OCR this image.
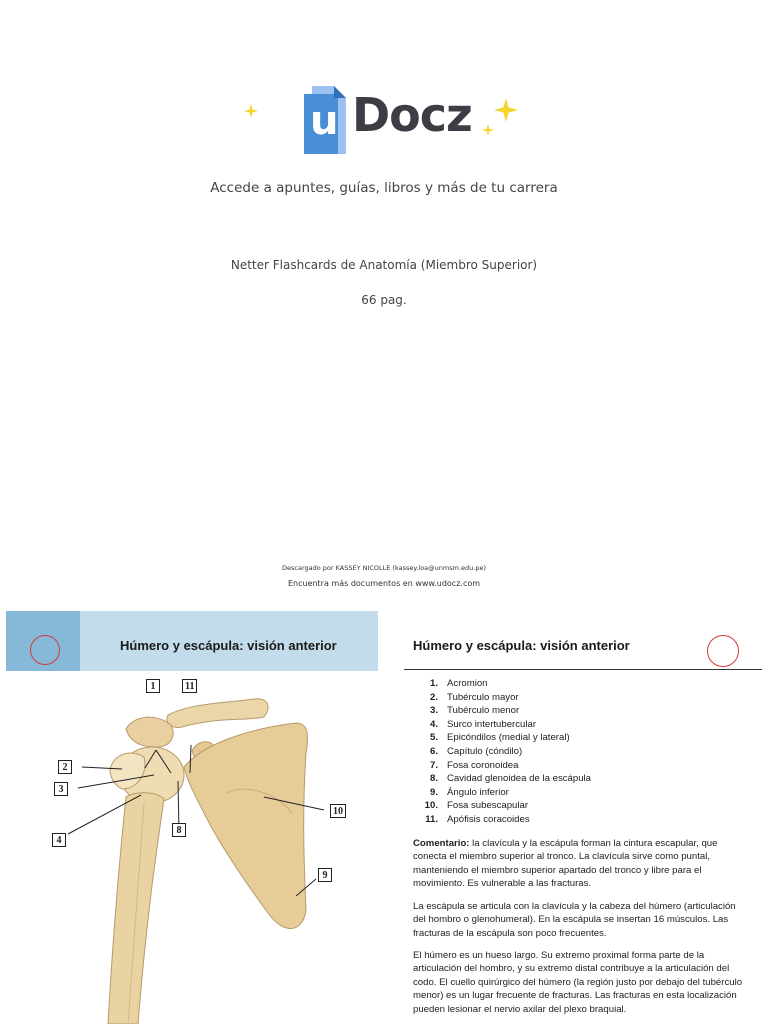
u Docz
Accede a apuntes, guías, libros y más de tu carrera
Netter Flashcards de Anatomía (Miembro Superior)
66 pag.
Descargado por KASSEY NICOLLE (kassey.loa@unmsm.edu.pe)
Encuentra más documentos en www.udocz.com
Húmero y escápula: visión anterior
1	11
2
3
4
8
10
9
Húmero y escápula: visión anterior
1. Acromion
2. Tubérculo mayor
3. Tubérculo menor
4. Surco intertubercular
5. Epicóndilos (medial y lateral)
6. Capítulo (cóndilo)
7. Fosa coronoidea
8. Cavidad glenoidea de la escápula
9. Ángulo inferior
10. Fosa subescapular
11. Apófisis coracoides

Comentario: la clavícula y la escápula forman la cintura escapular, que conecta el miembro superior al tronco. La clavícula sirve como puntal, manteniendo el miembro superior apartado del tronco y libre para el movimiento. Es vulnerable a las fracturas.

La escápula se articula con la clavícula y la cabeza del húmero (articulación del hombro o glenohumeral). En la escápula se insertan 16 músculos. Las fracturas de la escápula son poco frecuentes.

El húmero es un hueso largo. Su extremo proximal forma parte de la articulación del hombro, y su extremo distal contribuye a la articulación del codo. El cuello quirúrgico del húmero (la región justo por debajo del tubérculo menor) es un lugar frecuente de fracturas. Las fracturas en esta localización pueden lesionar el nervio axilar del plexo braquial.
